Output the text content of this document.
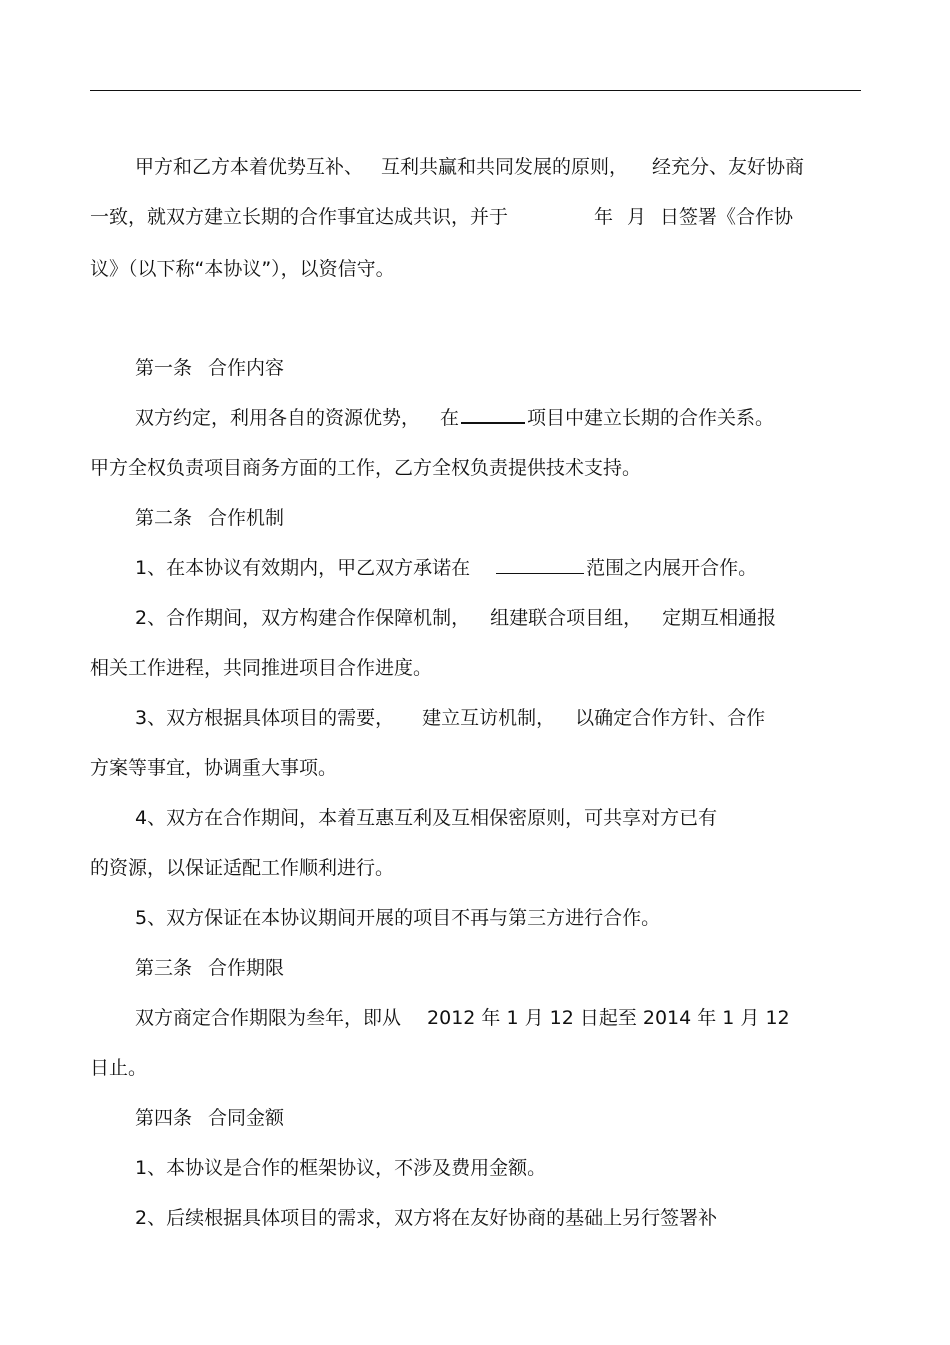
甲方和乙方本着优势互补、 互利共赢和共同发展的原则， 经充分、友好协商
一致，就双方建立长期的合作事宜达成共识，并于	年 月 日签署《合作协
议》（以下称“本协议”），以资信守。
第一条 合作内容
双方约定，利用各自的资源优势， 在	项目中建立长期的合作关系。
甲方全权负责项目商务方面的工作，乙方全权负责提供技术支持。
第二条 合作机制
1、在本协议有效期内，甲乙双方承诺在	范围之内展开合作。
2、合作期间，双方构建合作保障机制， 组建联合项目组， 定期互相通报
相关工作进程，共同推进项目合作进度。
3、双方根据具体项目的需要， 建立互访机制， 以确定合作方针、合作
方案等事宜，协调重大事项。
4、双方在合作期间，本着互惠互利及互相保密原则，可共享对方已有
的资源，以保证适配工作顺利进行。
5、双方保证在本协议期间开展的项目不再与第三方进行合作。
第三条 合作期限
双方商定合作期限为叁年，即从 2012 年 1 月 12 日起至 2014 年 1 月 12
日止。
第四条 合同金额
1、本协议是合作的框架协议，不涉及费用金额。
2、后续根据具体项目的需求，双方将在友好协商的基础上另行签署补
